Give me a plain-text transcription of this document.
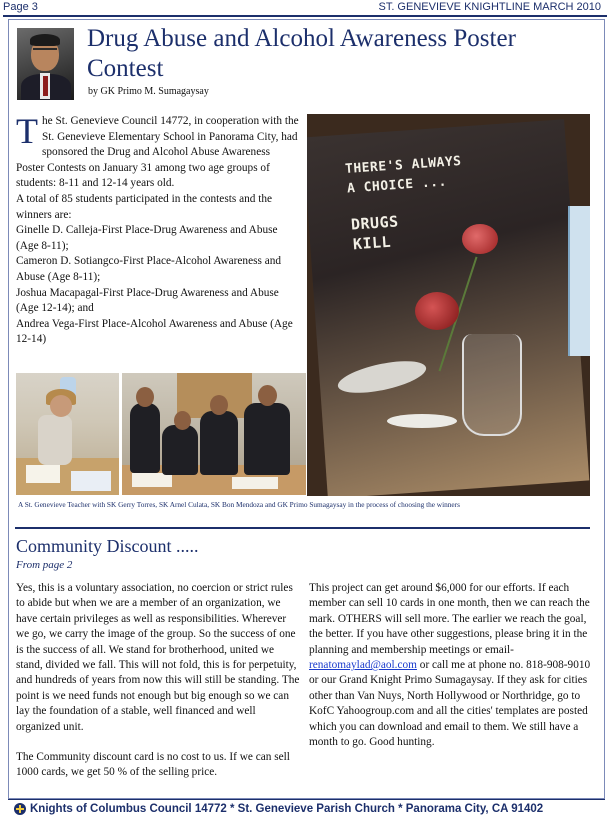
Page 3	ST. GENEVIEVE KNIGHTLINE MARCH 2010
Drug Abuse and Alcohol Awareness Poster Contest
by GK Primo M. Sumagaysay
T he St. Genevieve Council 14772, in cooperation with the St. Genevieve Elementary School in Panorama City, had sponsored the Drug and Alcohol Abuse Awareness Poster Contests on January 31 among two age groups of students: 8-11 and 12-14 years old.

A total of 85 students participated in the contests and the winners are:

Ginelle D. Calleja-First Place-Drug Awareness and Abuse (Age 8-11);

Cameron D. Sotiangco-First Place-Alcohol Awareness and Abuse (Age 8-11);

Joshua Macapagal-First Place-Drug Awareness and Abuse (Age 12-14); and

Andrea Vega-First Place-Alcohol Awareness and Abuse (Age 12-14)

THERE'S ALWAYS
A CHOICE ...
DRUGS
KILL
A St. Genevieve Teacher with SK Gerry Torres, SK Arnel Culata, SK Bon Mendoza and GK Primo Sumagaysay in the process of choosing the winners
Community Discount .....
From page 2

Yes, this is a voluntary association, no coercion or strict rules to abide but when we are a member of an organization, we have certain privileges as well as responsibilities. Wherever we go, we carry the image of the group. So the success of one is the success of all. We stand for brotherhood, united we stand, divided we fall. This will not fold, this is for perpetuity, and hundreds of years from now this will still be standing. The point is we need funds not enough but big enough so we can lay the foundation of a stable, well financed and well organized unit.

The Community discount card is no cost to us. If we can sell 1000 cards, we get 50 % of the selling price.

This project can get around $6,000 for our efforts. If each member can sell 10 cards in one month, then we can reach the mark. OTHERS will sell more. The earlier we reach the goal, the better. If you have other suggestions, please bring it in the planning and membership meetings or email-
renatomaylad@aol.com or call me at phone no. 818-908-9010 or our Grand Knight Primo Sumagaysay. If they ask for cities other than Van Nuys, North Hollywood or Northridge, go to KofC Yahoogroup.com and all the cities' templates are posted which you can download and email to them. We still have a month to go. Good hunting.

Knights of Columbus Council 14772 * St. Genevieve Parish Church * Panorama City, CA 91402
